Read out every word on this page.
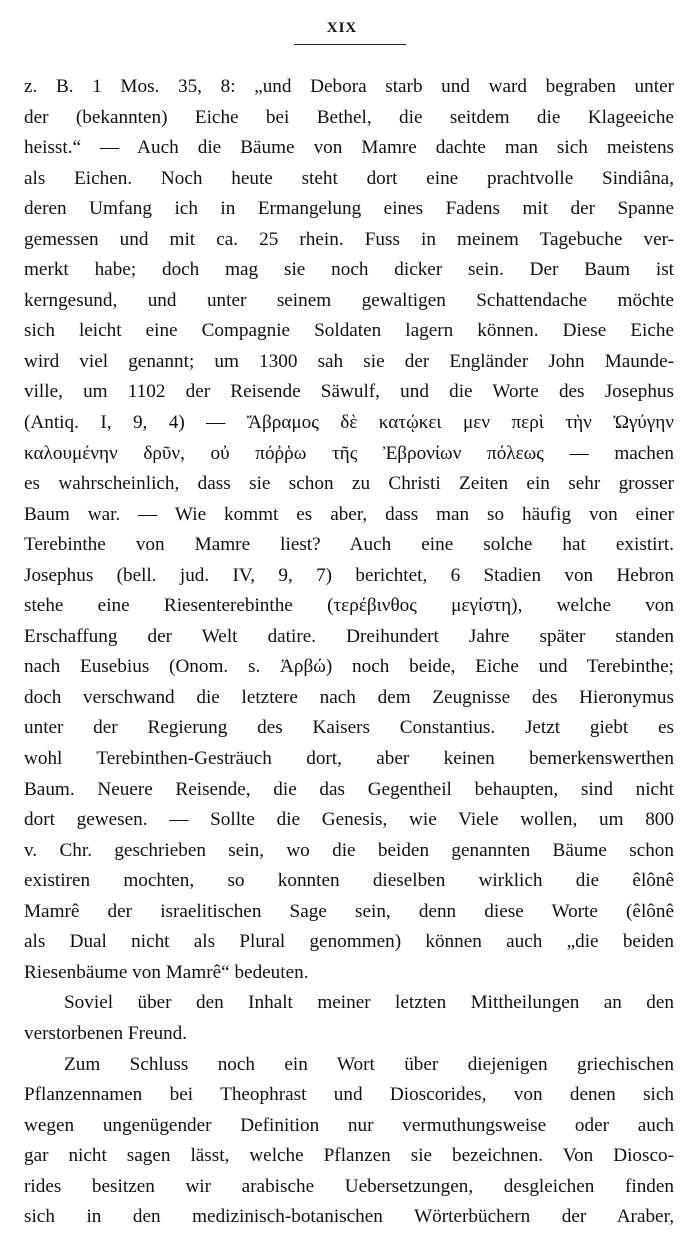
XIX
z. B. 1 Mos. 35, 8: „und Debora starb und ward begraben unter
der (bekannten) Eiche bei Bethel, die seitdem die Klageeiche
heisst.“ — Auch die Bäume von Mamre dachte man sich meistens
als Eichen. Noch heute steht dort eine prachtvolle Sindiâna,
deren Umfang ich in Ermangelung eines Fadens mit der Spanne
gemessen und mit ca. 25 rhein. Fuss in meinem Tagebuche ver-
merkt habe; doch mag sie noch dicker sein. Der Baum ist
kerngesund, und unter seinem gewaltigen Schattendache möchte
sich leicht eine Compagnie Soldaten lagern können. Diese Eiche
wird viel genannt; um 1300 sah sie der Engländer John Maunde-
ville, um 1102 der Reisende Säwulf, und die Worte des Josephus
(Antiq. I, 9, 4) — Ἄβραμος δὲ κατῴκει μεν περὶ τὴν Ὠγύγην
καλουμένην δρῦν, οὐ πόῤῥω τῆς Ἐβρονίων πόλεως — machen
es wahrscheinlich, dass sie schon zu Christi Zeiten ein sehr grosser
Baum war. — Wie kommt es aber, dass man so häufig von einer
Terebinthe von Mamre liest? Auch eine solche hat existirt.
Josephus (bell. jud. IV, 9, 7) berichtet, 6 Stadien von Hebron
stehe eine Riesenterebinthe (τερέβινθος μεγίστη), welche von
Erschaffung der Welt datire. Dreihundert Jahre später standen
nach Eusebius (Onom. s. Ἀρβώ) noch beide, Eiche und Terebinthe;
doch verschwand die letztere nach dem Zeugnisse des Hieronymus
unter der Regierung des Kaisers Constantius. Jetzt giebt es
wohl Terebinthen-Gesträuch dort, aber keinen bemerkenswerthen
Baum. Neuere Reisende, die das Gegentheil behaupten, sind nicht
dort gewesen. — Sollte die Genesis, wie Viele wollen, um 800
v. Chr. geschrieben sein, wo die beiden genannten Bäume schon
existiren mochten, so konnten dieselben wirklich die êlônê
Mamrê der israelitischen Sage sein, denn diese Worte (êlônê
als Dual nicht als Plural genommen) können auch „die beiden
Riesenbäume von Mamrê“ bedeuten.
Soviel über den Inhalt meiner letzten Mittheilungen an den
verstorbenen Freund.
Zum Schluss noch ein Wort über diejenigen griechischen
Pflanzennamen bei Theophrast und Dioscorides, von denen sich
wegen ungenügender Definition nur vermuthungsweise oder auch
gar nicht sagen lässt, welche Pflanzen sie bezeichnen. Von Diosco-
rides besitzen wir arabische Uebersetzungen, desgleichen finden
sich in den medizinisch-botanischen Wörterbüchern der Araber,
